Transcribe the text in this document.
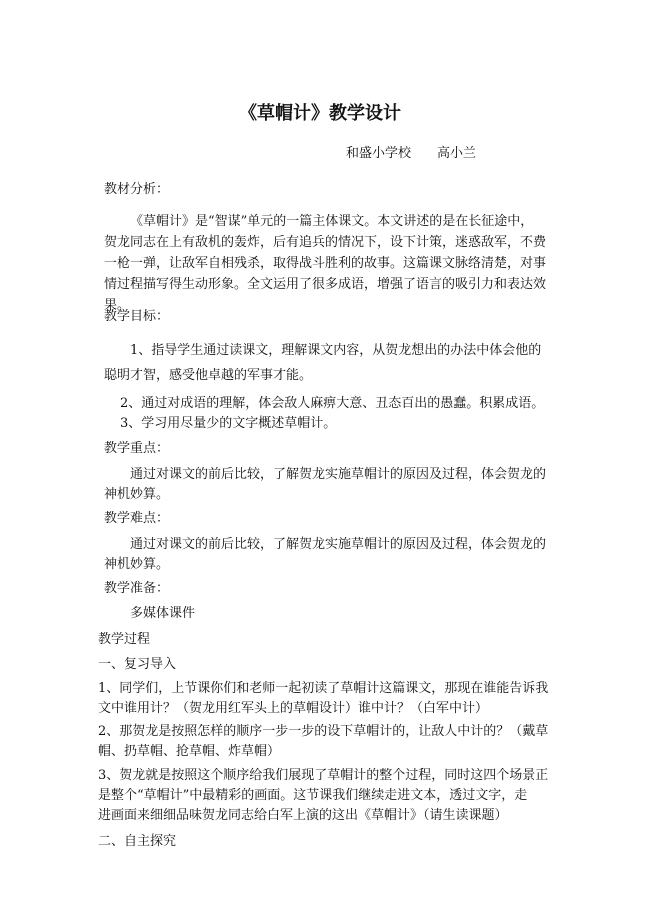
《草帽计》教学设计
和盛小学校　　高小兰
教材分析：
《草帽计》是“智谋”单元的一篇主体课文。本文讲述的是在长征途中，
贺龙同志在上有敌机的轰炸，后有追兵的情况下，设下计策，迷惑敌军，不费
一枪一弹，让敌军自相残杀，取得战斗胜利的故事。这篇课文脉络清楚，对事
情过程描写得生动形象。全文运用了很多成语，增强了语言的吸引力和表达效
果。
教学目标：
1、指导学生通过读课文，理解课文内容，从贺龙想出的办法中体会他的
聪明才智，感受他卓越的军事才能。
2、通过对成语的理解，体会敌人麻痹大意、丑态百出的愚蠢。积累成语。
3、学习用尽量少的文字概述草帽计。
教学重点：
通过对课文的前后比较，了解贺龙实施草帽计的原因及过程，体会贺龙的
神机妙算。
教学难点：
通过对课文的前后比较，了解贺龙实施草帽计的原因及过程，体会贺龙的
神机妙算。
教学准备：
多媒体课件
教学过程
一、复习导入
1、同学们，上节课你们和老师一起初读了草帽计这篇课文，那现在谁能告诉我
文中谁用计？（贺龙用红军头上的草帽设计）谁中计？（白军中计）
2、那贺龙是按照怎样的顺序一步一步的设下草帽计的，让敌人中计的？（戴草
帽、扔草帽、抢草帽、炸草帽）
3、贺龙就是按照这个顺序给我们展现了草帽计的整个过程，同时这四个场景正
是整个“草帽计”中最精彩的画面。这节课我们继续走进文本，透过文字，走
进画面来细细品味贺龙同志给白军上演的这出《草帽计》（请生读课题）
二、自主探究
